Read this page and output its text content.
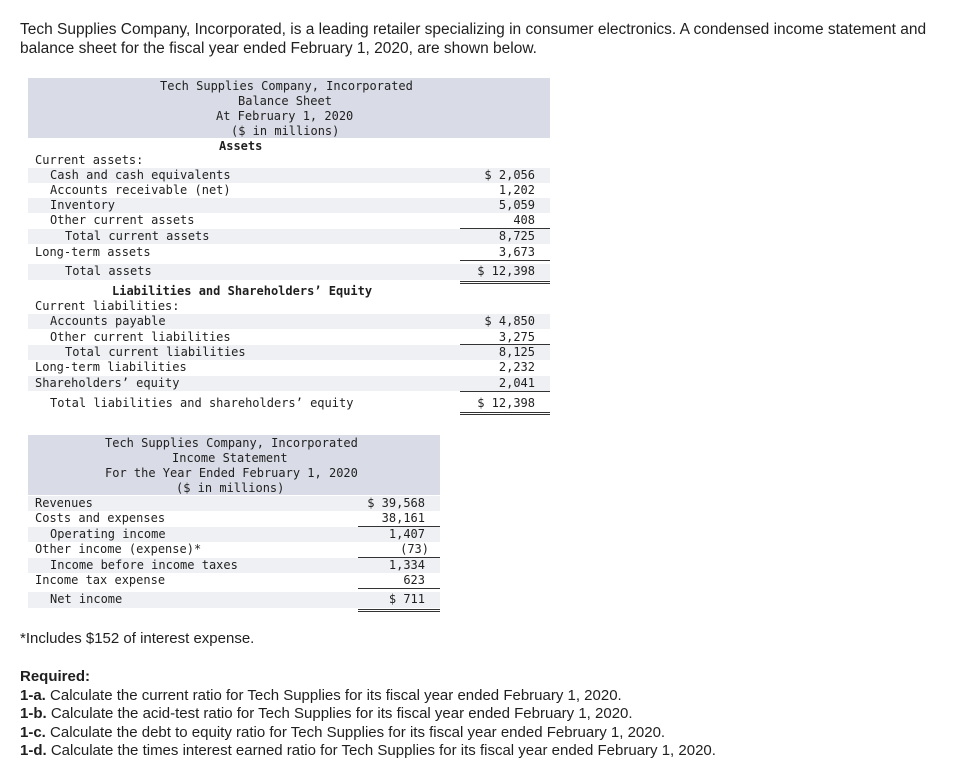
Tech Supplies Company, Incorporated, is a leading retailer specializing in consumer electronics. A condensed income statement and balance sheet for the fiscal year ended February 1, 2020, are shown below.
Tech Supplies Company, Incorporated
Balance Sheet
At February 1, 2020
($ in millions)
Assets
Current assets:
Cash and cash equivalents	$ 2,056
Accounts receivable (net)	1,202
Inventory	5,059
Other current assets	408
Total current assets	8,725
Long-term assets	3,673
Total assets	$ 12,398
Liabilities and Shareholders’ Equity
Current liabilities:
Accounts payable	$ 4,850
Other current liabilities	3,275
Total current liabilities	8,125
Long-term liabilities	2,232
Shareholders’ equity	2,041
Total liabilities and shareholders’ equity	$ 12,398
Tech Supplies Company, Incorporated
Income Statement
For the Year Ended February 1, 2020
($ in millions)
Revenues	$ 39,568
Costs and expenses	38,161
Operating income	1,407
Other income (expense)*	(73)
Income before income taxes	1,334
Income tax expense	623
Net income	$ 711
*Includes $152 of interest expense.
Required:
1-a. Calculate the current ratio for Tech Supplies for its fiscal year ended February 1, 2020.
1-b. Calculate the acid-test ratio for Tech Supplies for its fiscal year ended February 1, 2020.
1-c. Calculate the debt to equity ratio for Tech Supplies for its fiscal year ended February 1, 2020.
1-d. Calculate the times interest earned ratio for Tech Supplies for its fiscal year ended February 1, 2020.
